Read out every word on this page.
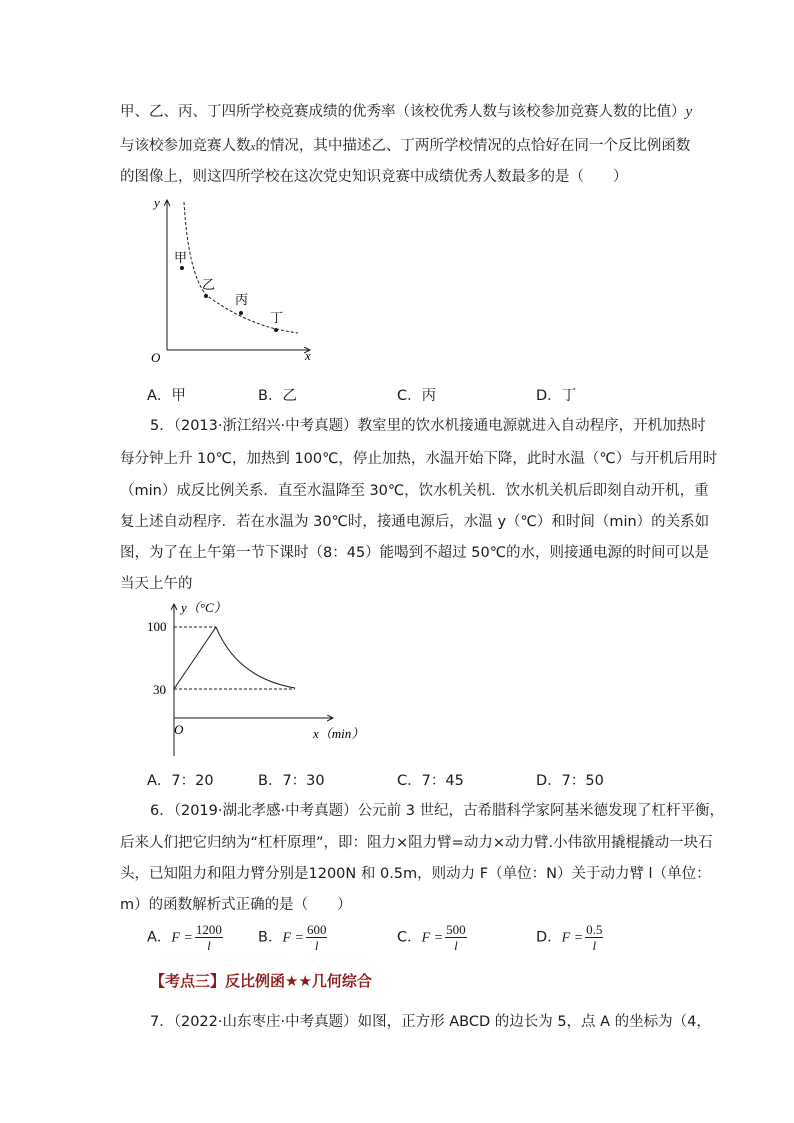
甲、乙、丙、丁四所学校竞赛成绩的优秀率（该校优秀人数与该校参加竞赛人数的比值）y
与该校参加竞赛人数x的情况，其中描述乙、丁两所学校情况的点恰好在同一个反比例函数
的图像上，则这四所学校在这次党史知识竞赛中成绩优秀人数最多的是（　　）
y
x
O
甲
乙
丙
丁
A．甲	B．乙	C．丙	D．丁
5．（2013·浙江绍兴·中考真题）教室里的饮水机接通电源就进入自动程序，开机加热时
每分钟上升 10℃，加热到 100℃，停止加热，水温开始下降，此时水温（℃）与开机后用时
（min）成反比例关系．直至水温降至 30℃，饮水机关机．饮水机关机后即刻自动开机，重
复上述自动程序．若在水温为 30℃时，接通电源后，水温 y（℃）和时间（min）的关系如
图，为了在上午第一节下课时（8：45）能喝到不超过 50℃的水，则接通电源的时间可以是
当天上午的
y（°C）
x（min）
O
100
30
A．7：20	B．7：30	C．7：45	D．7：50
6．（2019·湖北孝感·中考真题）公元前 3 世纪，古希腊科学家阿基米德发现了杠杆平衡，
后来人们把它归纳为“杠杆原理”，即：阻力×阻力臂=动力×动力臂.小伟欲用撬棍撬动一块石
头，已知阻力和阻力臂分别是1200N 和 0.5m，则动力 F（单位：N）关于动力臂 l（单位：
m）的函数解析式正确的是（　　）
A．$F = \frac{1200}{l}$ B．$F = \frac{600}{l}$	C．$F = \frac{500}{l}$	D．$F = \frac{0.5}{l}$
【考点三】反比例函★★几何综合
7．（2022·山东枣庄·中考真题）如图，正方形 ABCD 的边长为 5，点 A 的坐标为（4，
